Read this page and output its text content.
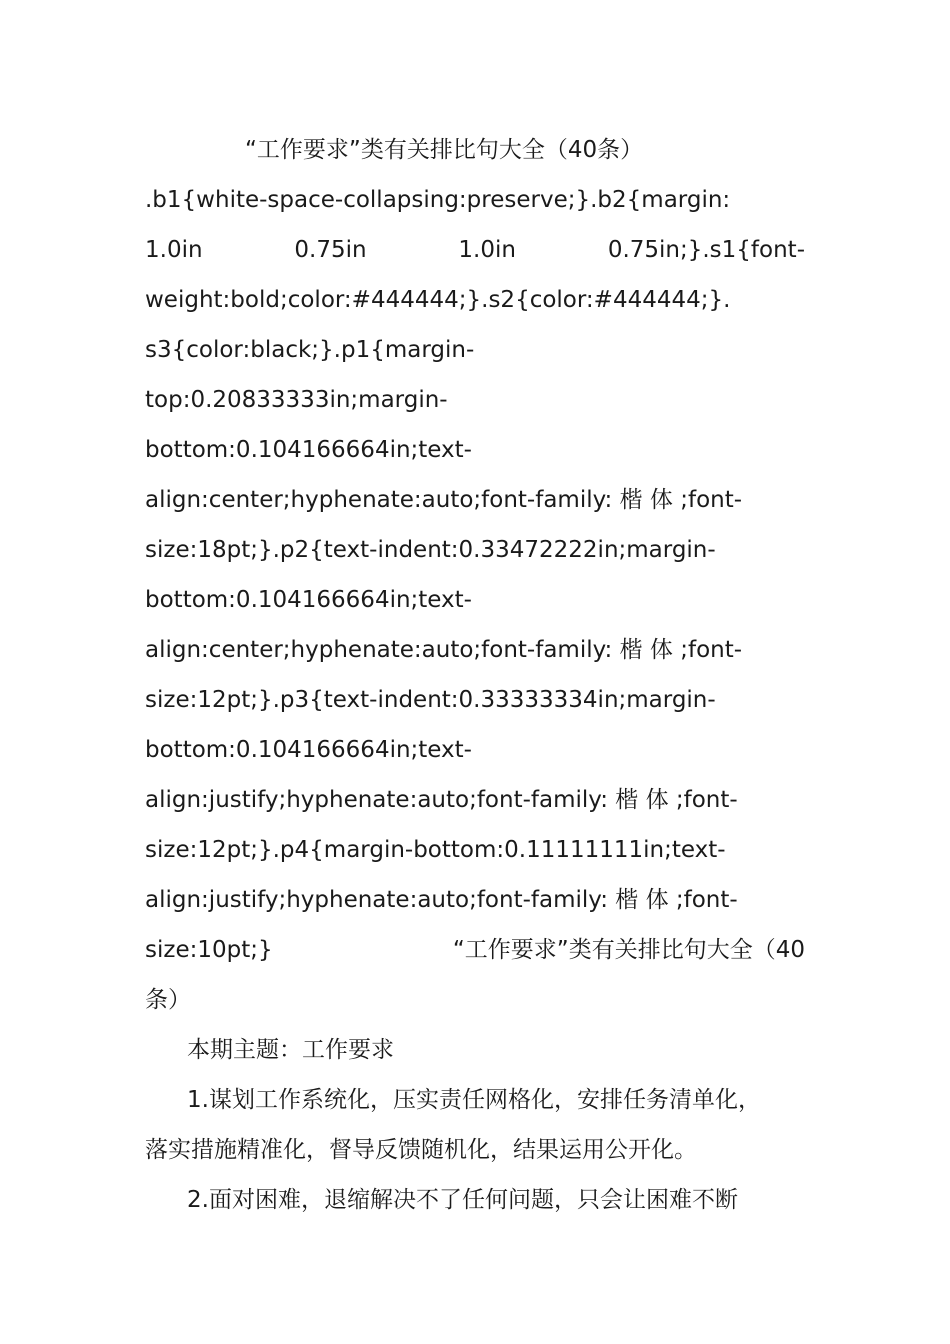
“工作要求”类有关排比句大全（40条）
.b1{white-space-collapsing:preserve;}.b2{margin:
1.0in	0.75in	1.0in	0.75in;}.s1{font-
weight:bold;color:#444444;}.s2{color:#444444;}.
s3{color:black;}.p1{margin-
top:0.20833333in;margin-
bottom:0.104166664in;text-
align:center;hyphenate:auto;font-family: 楷 体 ;font-
size:18pt;}.p2{text-indent:0.33472222in;margin-
bottom:0.104166664in;text-
align:center;hyphenate:auto;font-family: 楷 体 ;font-
size:12pt;}.p3{text-indent:0.33333334in;margin-
bottom:0.104166664in;text-
align:justify;hyphenate:auto;font-family: 楷 体 ;font-
size:12pt;}.p4{margin-bottom:0.11111111in;text-
align:justify;hyphenate:auto;font-family: 楷 体 ;font-
size:10pt;}	“工作要求”类有关排比句大全（40
条）
本期主题：工作要求
1.谋划工作系统化，压实责任网格化，安排任务清单化，
落实措施精准化，督导反馈随机化，结果运用公开化。
2.面对困难，退缩解决不了任何问题，只会让困难不断
